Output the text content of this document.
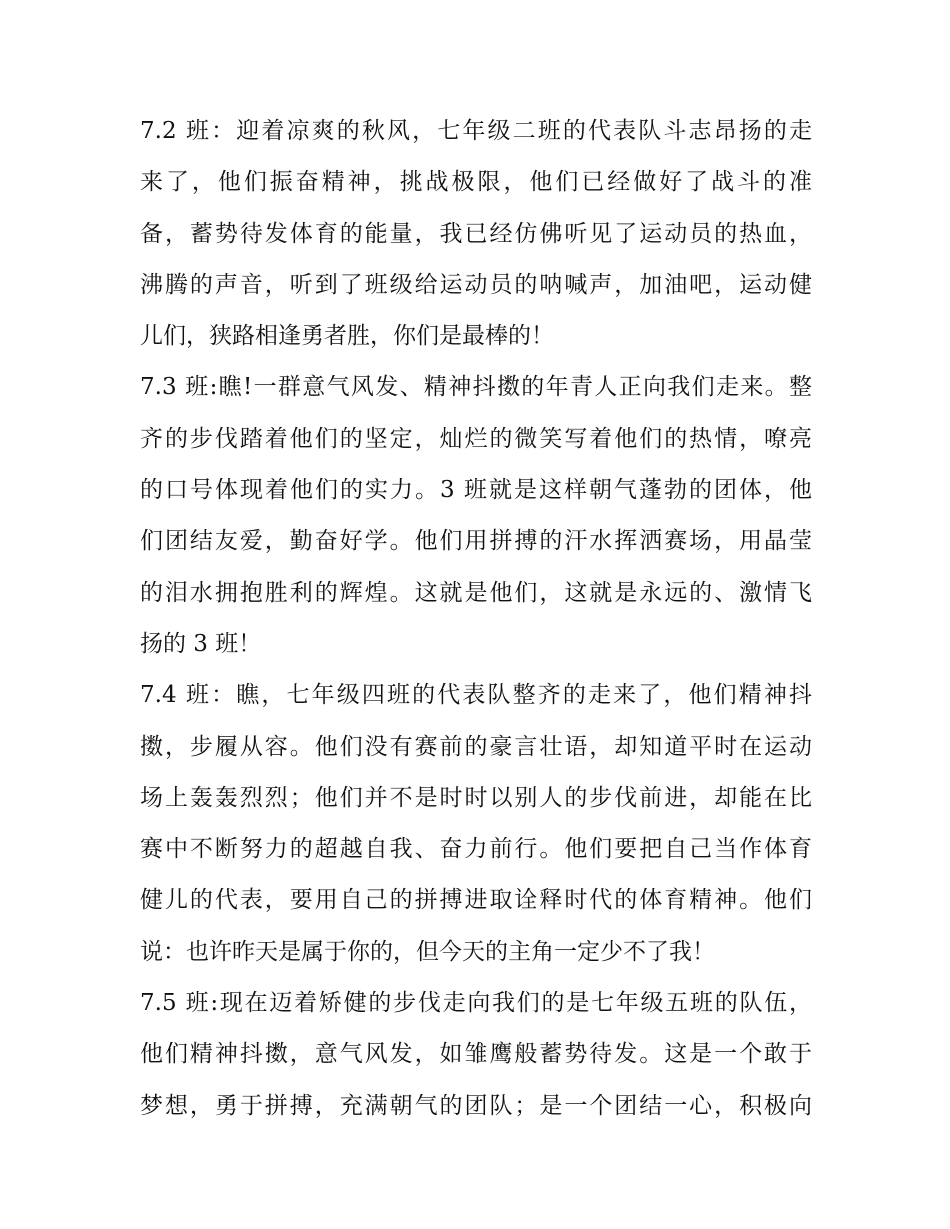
7.2 班：迎着凉爽的秋风，七年级二班的代表队斗志昂扬的走
来了，他们振奋精神，挑战极限，他们已经做好了战斗的准
备，蓄势待发体育的能量，我已经仿佛听见了运动员的热血，
沸腾的声音，听到了班级给运动员的呐喊声，加油吧，运动健
儿们，狭路相逢勇者胜，你们是最棒的！
7.3 班:瞧!一群意气风发、精神抖擞的年青人正向我们走来。整
齐的步伐踏着他们的坚定，灿烂的微笑写着他们的热情，嘹亮
的口号体现着他们的实力。3 班就是这样朝气蓬勃的团体，他
们团结友爱，勤奋好学。他们用拼搏的汗水挥洒赛场，用晶莹
的泪水拥抱胜利的辉煌。这就是他们，这就是永远的、激情飞
扬的 3 班！
7.4 班：瞧，七年级四班的代表队整齐的走来了，他们精神抖
擞，步履从容。他们没有赛前的豪言壮语，却知道平时在运动
场上轰轰烈烈；他们并不是时时以别人的步伐前进，却能在比
赛中不断努力的超越自我、奋力前行。他们要把自己当作体育
健儿的代表，要用自己的拼搏进取诠释时代的体育精神。他们
说：也许昨天是属于你的，但今天的主角一定少不了我！
7.5 班:现在迈着矫健的步伐走向我们的是七年级五班的队伍，
他们精神抖擞，意气风发，如雏鹰般蓄势待发。这是一个敢于
梦想，勇于拼搏，充满朝气的团队；是一个团结一心，积极向
